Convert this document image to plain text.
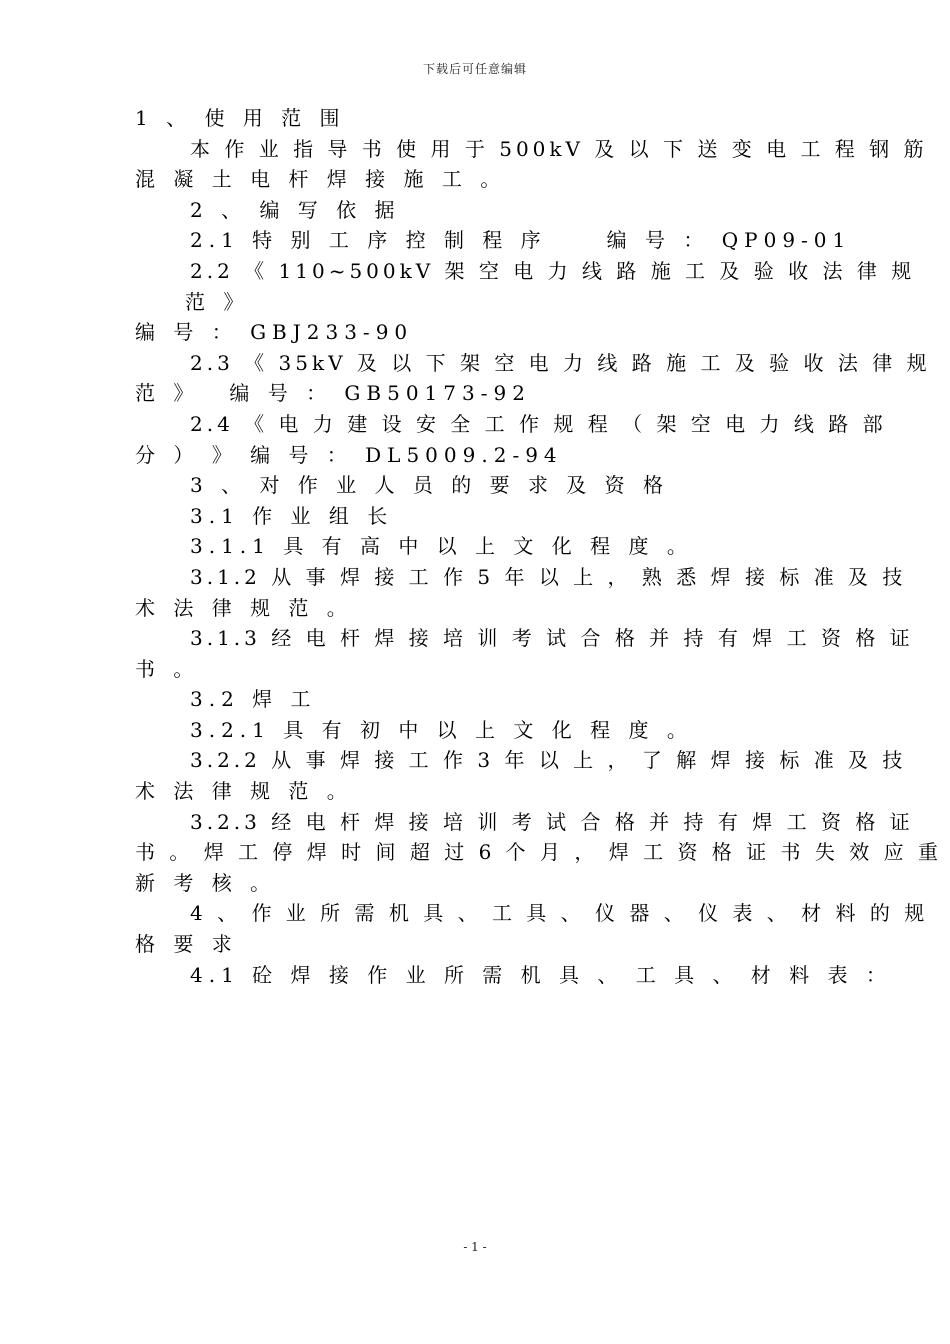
下载后可任意编辑
1 、 使 用 范 围
本 作 业 指 导 书 使 用 于 500kV 及 以 下 送 变 电 工 程 钢 筋
混 凝 土 电 杆 焊 接 施 工 。
2 、 编 写 依 据
2.1 特 别 工 序 控 制 程 序	编 号 ： QP09-01
2.2 《 110~500kV 架 空 电 力 线 路 施 工 及 验 收 法 律 规
范 》
编 号 ： GBJ233-90
2.3 《 35kV 及 以 下 架 空 电 力 线 路 施 工 及 验 收 法 律 规
范 》 编 号 ： GB50173-92
2.4 《 电 力 建 设 安 全 工 作 规 程 （ 架 空 电 力 线 路 部
分 ） 》 编 号 ： DL5009.2-94
3 、 对 作 业 人 员 的 要 求 及 资 格
3.1 作 业 组 长
3.1.1 具 有 高 中 以 上 文 化 程 度 。
3.1.2 从 事 焊 接 工 作 5 年 以 上 ， 熟 悉 焊 接 标 准 及 技
术 法 律 规 范 。
3.1.3 经 电 杆 焊 接 培 训 考 试 合 格 并 持 有 焊 工 资 格 证
书 。
3.2 焊 工
3.2.1 具 有 初 中 以 上 文 化 程 度 。
3.2.2 从 事 焊 接 工 作 3 年 以 上 ， 了 解 焊 接 标 准 及 技
术 法 律 规 范 。
3.2.3 经 电 杆 焊 接 培 训 考 试 合 格 并 持 有 焊 工 资 格 证
书 。 焊 工 停 焊 时 间 超 过 6 个 月 ， 焊 工 资 格 证 书 失 效 应 重
新 考 核 。
4 、 作 业 所 需 机 具 、 工 具 、 仪 器 、 仪 表 、 材 料 的 规
格 要 求
4.1 砼 焊 接 作 业 所 需 机 具 、 工 具 、 材 料 表 ：
- 1 -
